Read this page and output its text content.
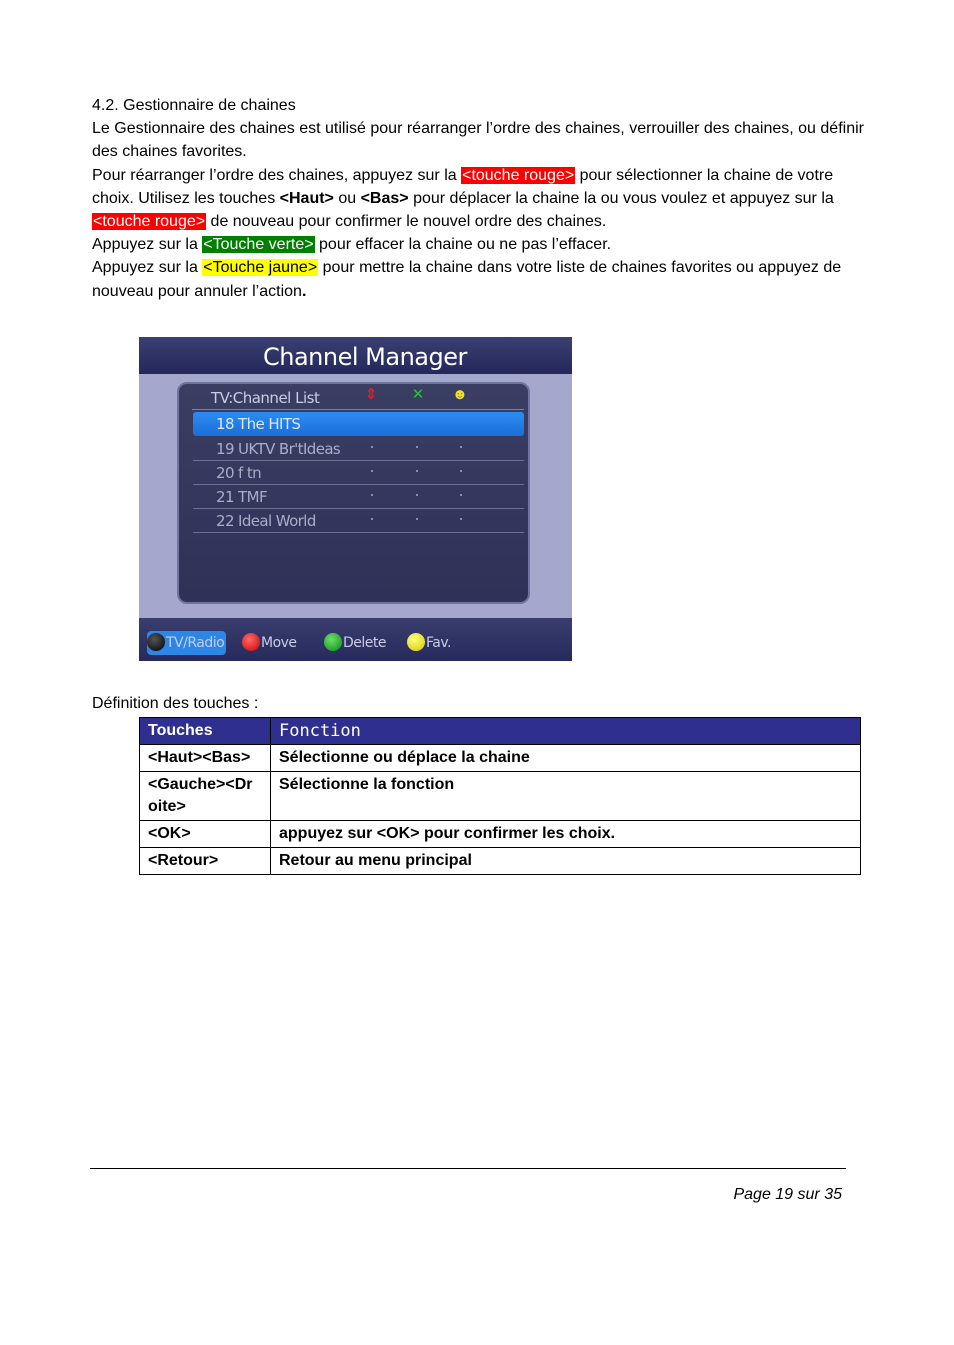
4.2. Gestionnaire de chaines

Le Gestionnaire des chaines est utilisé pour réarranger l’ordre des chaines, verrouiller des chaines, ou définir des chaines favorites.

Pour réarranger l’ordre des chaines, appuyez sur la <touche rouge> pour sélectionner la chaine de votre choix. Utilisez les touches <Haut> ou <Bas> pour déplacer la chaine la ou vous voulez et appuyez sur la <touche rouge> de nouveau pour confirmer le nouvel ordre des chaines.

Appuyez sur la <Touche verte> pour effacer la chaine ou ne pas l’effacer.

Appuyez sur la <Touche jaune> pour mettre la chaine dans votre liste de chaines favorites ou appuyez de nouveau pour annuler l’action.

Channel Manager
TV:Channel List	⇕ ✕ ☻
18 The HITS
19 UKTV Br'tIdeas
20 f tn
21 TMF
22 Ideal World
TV/Radio	Move	Delete	Fav.
Définition des touches :
Touches	Fonction
<Haut><Bas>	Sélectionne ou déplace la chaine
<Gauche><Droite>	Sélectionne la fonction
<OK>	appuyez sur <OK> pour confirmer les choix.
<Retour>	Retour au menu principal
Page 19 sur 35
